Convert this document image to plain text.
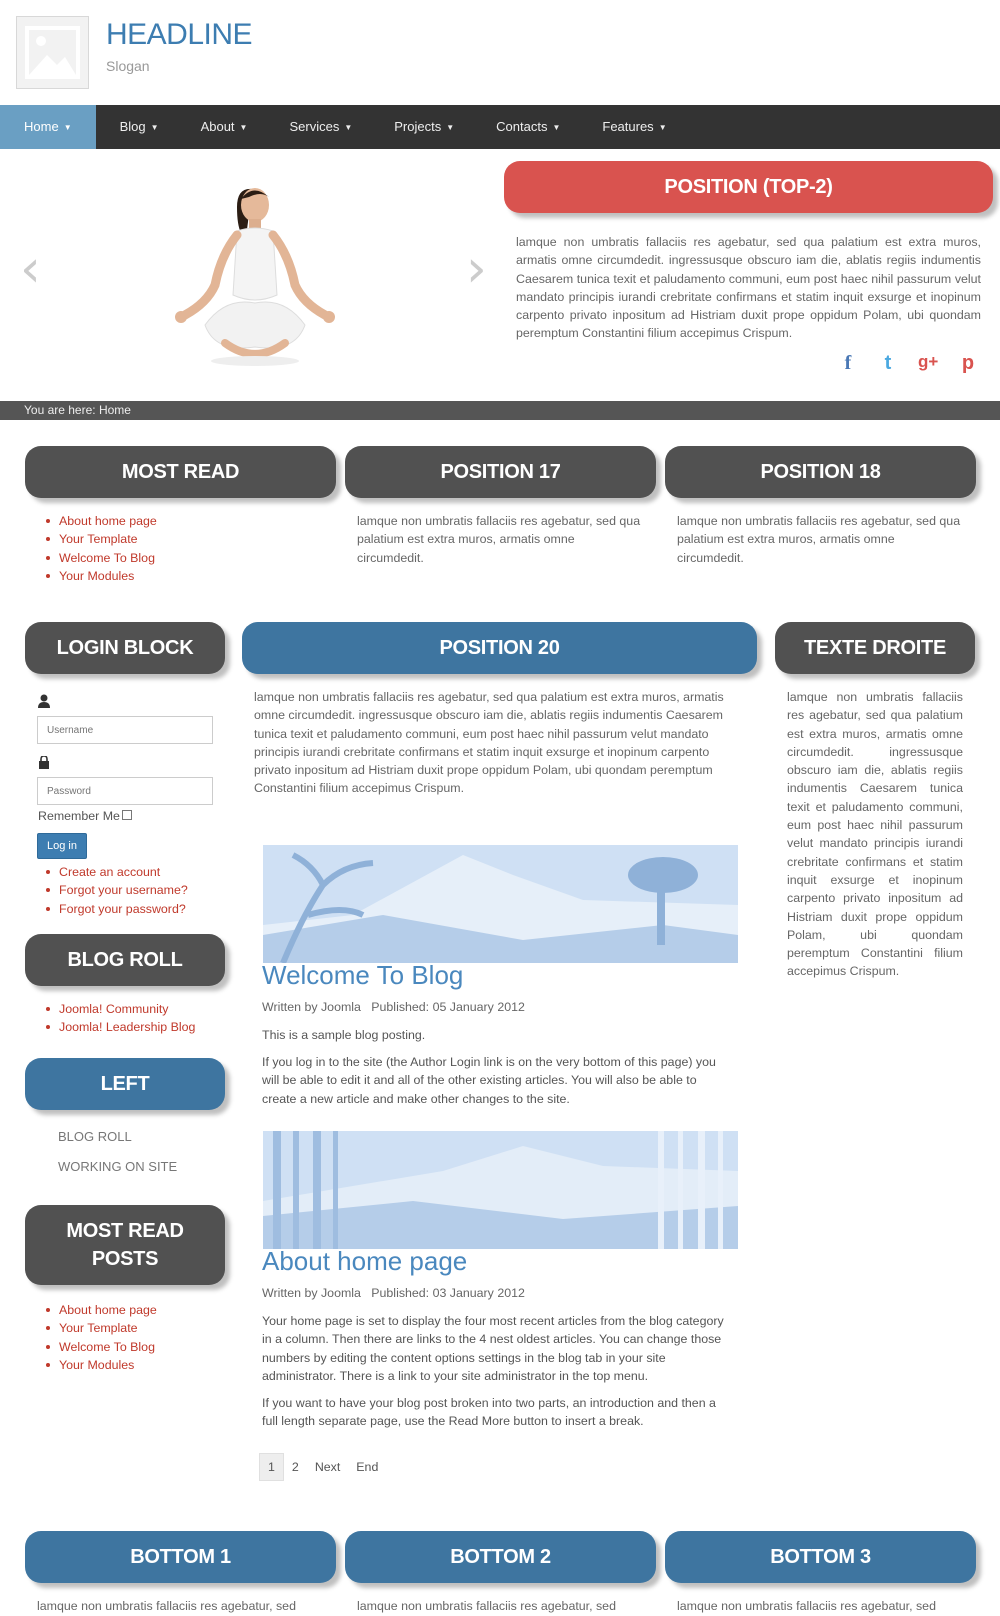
HEADLINE
Slogan
Home ▼	Blog ▼	About ▼	Services ▼	Projects ▼	Contacts ▼	Features ▼
‹	›
POSITION (TOP-2)
lamque non umbratis fallaciis res agebatur, sed qua palatium est extra muros, armatis omne circumdedit. ingressusque obscuro iam die, ablatis regiis indumentis Caesarem tunica texit et paludamento communi, eum post haec nihil passurum velut mandato principis iurandi crebritate confirmans et statim inquit exsurge et inopinum carpento privato inpositum ad Histriam duxit prope oppidum Polam, ubi quondam peremptum Constantini filium accepimus Crispum.
f	t	g+ p
You are here: Home
MOST READ
About home page
Your Template
Welcome To Blog
Your Modules
POSITION 17
lamque non umbratis fallaciis res agebatur, sed qua palatium est extra muros, armatis omne circumdedit.
POSITION 18
lamque non umbratis fallaciis res agebatur, sed qua palatium est extra muros, armatis omne circumdedit.
LOGIN BLOCK
Username
Remember Me
Log in
Create an account
Forgot your username?
Forgot your password?
POSITION 20
lamque non umbratis fallaciis res agebatur, sed qua palatium est extra muros, armatis omne circumdedit. ingressusque obscuro iam die, ablatis regiis indumentis Caesarem tunica texit et paludamento communi, eum post haec nihil passurum velut mandato principis iurandi crebritate confirmans et statim inquit exsurge et inopinum carpento privato inpositum ad Histriam duxit prope oppidum Polam, ubi quondam peremptum Constantini filium accepimus Crispum.
TEXTE DROITE
lamque non umbratis fallaciis res agebatur, sed qua palatium est extra muros, armatis omne circumdedit. ingressusque obscuro iam die, ablatis regiis indumentis Caesarem tunica texit et paludamento communi, eum post haec nihil passurum velut mandato principis iurandi crebritate confirmans et statim inquit exsurge et inopinum carpento privato inpositum ad Histriam duxit prope oppidum Polam, ubi quondam peremptum Constantini filium accepimus Crispum.
BLOG ROLL
Joomla! Community
Joomla! Leadership Blog
LEFT
BLOG ROLL
WORKING ON SITE
MOST READ
POSTS
About home page
Your Template
Welcome To Blog
Your Modules
Welcome To Blog
Written by Joomla Published: 05 January 2012
This is a sample blog posting.
If you log in to the site (the Author Login link is on the very bottom of this page) you will be able to edit it and all of the other existing articles. You will also be able to create a new article and make other changes to the site.
About home page
Written by Joomla Published: 03 January 2012
Your home page is set to display the four most recent articles from the blog category in a column. Then there are links to the 4 nest oldest articles. You can change those numbers by editing the content options settings in the blog tab in your site administrator. There is a link to your site administrator in the top menu.
If you want to have your blog post broken into two parts, an introduction and then a full length separate page, use the Read More button to insert a break.
1	2	Next	End
BOTTOM 1
lamque non umbratis fallaciis res agebatur, sed
BOTTOM 2
lamque non umbratis fallaciis res agebatur, sed
BOTTOM 3
lamque non umbratis fallaciis res agebatur, sed
